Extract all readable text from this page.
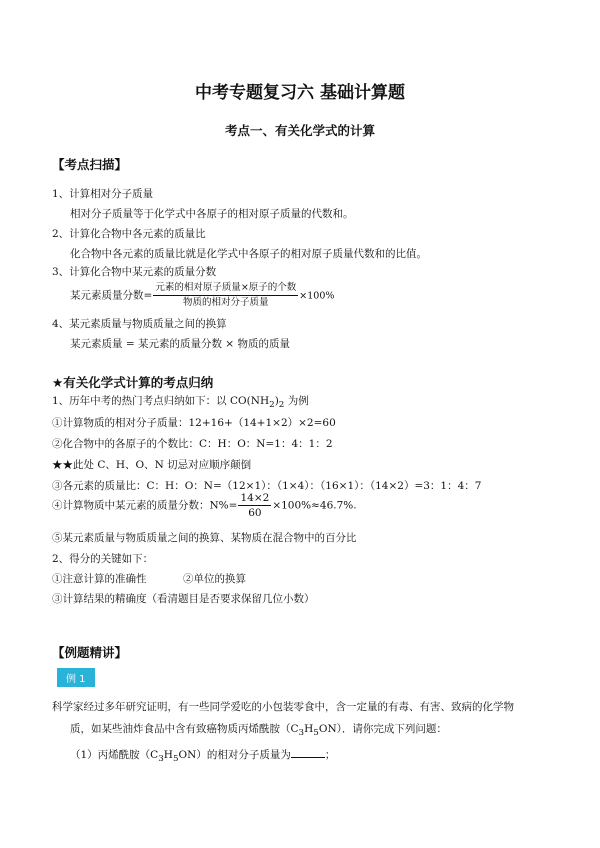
中考专题复习六 基础计算题
考点一、有关化学式的计算
【考点扫描】
1、计算相对分子质量
相对分子质量等于化学式中各原子的相对原子质量的代数和。
2、计算化合物中各元素的质量比
化合物中各元素的质量比就是化学式中各原子的相对原子质量代数和的比值。
3、计算化合物中某元素的质量分数
某元素质量分数= $\frac{\text{元素的相对原子质量×原子的个数}}{\text{物质的相对分子质量}} \times 100\%$
4、某元素质量与物质质量之间的换算
某元素质量 = 某元素的质量分数 × 物质的质量
★有关化学式计算的考点归纳
1、历年中考的热门考点归纳如下：以 $CO(NH_2)_2$ 为例
①计算物质的相对分子质量：12+16+（14+1×2）×2=60
②化合物中的各原子的个数比：C：H：O：N=1：4：1：2
★★此处 C、H、O、N 切忌对应顺序颠倒
③各元素的质量比：C：H：O：N=（12×1）：（1×4）：（16×1）：（14×2）=3：1：4：7
④计算物质中某元素的质量分数：$N\%= \frac{14\times 2}{60} \times 100\%\approx 46.7\%$.
⑤某元素质量与物质质量之间的换算、某物质在混合物中的百分比
2、得分的关键如下：
①注意计算的准确性	②单位的换算
③计算结果的精确度（看清题目是否要求保留几位小数）
【例题精讲】
例 1
科学家经过多年研究证明，有一些同学爱吃的小包装零食中，含一定量的有毒、有害、致病的化学物
质，如某些油炸食品中含有致癌物质丙烯酰胺$(C_3H_5ON)$．请你完成下列问题：
（1）丙烯酰胺$(C_3H_5ON)$的相对分子质量为	；
